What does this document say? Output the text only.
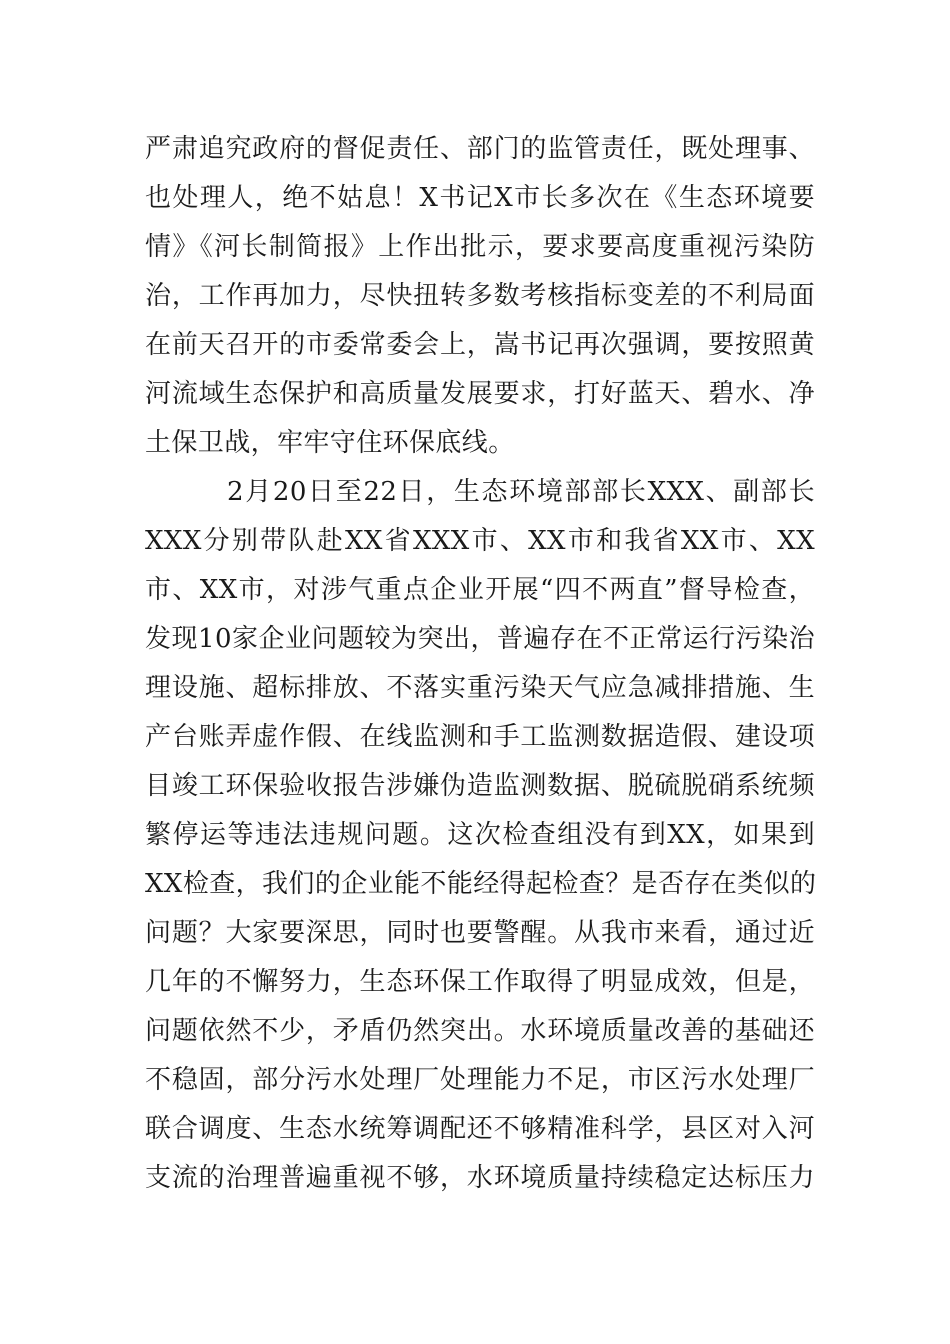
严肃追究政府的督促责任、部门的监管责任，既处理事、
也处理人，绝不姑息！X书记X市长多次在《生态环境要
情》《河长制简报》上作出批示，要求要高度重视污染防
治，工作再加力，尽快扭转多数考核指标变差的不利局面
在前天召开的市委常委会上，嵩书记再次强调，要按照黄
河流域生态保护和高质量发展要求，打好蓝天、碧水、净
土保卫战，牢牢守住环保底线。
2月20日至22日，生态环境部部长XXX、副部长
XXX分别带队赴XX省XXX市、XX市和我省XX市、XX
市、XX市，对涉气重点企业开展“四不两直”督导检查，
发现10家企业问题较为突出，普遍存在不正常运行污染治
理设施、超标排放、不落实重污染天气应急减排措施、生
产台账弄虚作假、在线监测和手工监测数据造假、建设项
目竣工环保验收报告涉嫌伪造监测数据、脱硫脱硝系统频
繁停运等违法违规问题。这次检查组没有到XX，如果到
XX检查，我们的企业能不能经得起检查？是否存在类似的
问题？大家要深思，同时也要警醒。从我市来看，通过近
几年的不懈努力，生态环保工作取得了明显成效，但是，
问题依然不少，矛盾仍然突出。水环境质量改善的基础还
不稳固，部分污水处理厂处理能力不足，市区污水处理厂
联合调度、生态水统筹调配还不够精准科学，县区对入河
支流的治理普遍重视不够，水环境质量持续稳定达标压力
